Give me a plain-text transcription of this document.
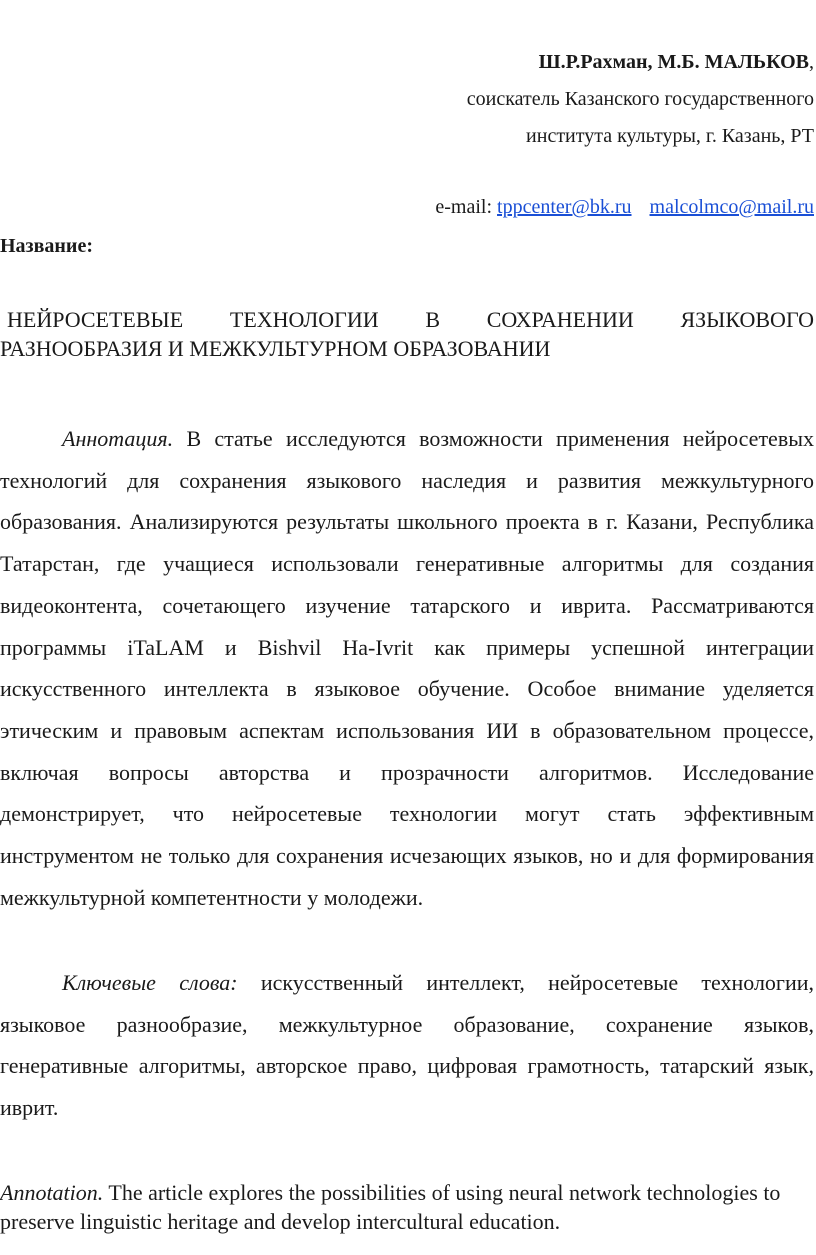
Ш.Р.Рахман, М.Б. МАЛЬКОВ,
соискатель Казанского государственного
института культуры, г. Казань, РТ
e-mail: tppcenter@bk.ru malcolmco@mail.ru
Название:
НЕЙРОСЕТЕВЫЕ ТЕХНОЛОГИИ В СОХРАНЕНИИ ЯЗЫКОВОГО
РАЗНООБРАЗИЯ И МЕЖКУЛЬТУРНОМ ОБРАЗОВАНИИ

Аннотация. В статье исследуются возможности применения нейросетевых технологий для сохранения языкового наследия и развития межкультурного образования. Анализируются результаты школьного проекта в г. Казани, Республика Татарстан, где учащиеся использовали генеративные алгоритмы для создания видеоконтента, сочетающего изучение татарского и иврита. Рассматриваются программы iTaLAM и Bishvil Ha-Ivrit как примеры успешной интеграции искусственного интеллекта в языковое обучение. Особое внимание уделяется этическим и правовым аспектам использования ИИ в образовательном процессе, включая вопросы авторства и прозрачности алгоритмов. Исследование демонстрирует, что нейросетевые технологии могут стать эффективным инструментом не только для сохранения исчезающих языков, но и для формирования межкультурной компетентности у молодежи.

Ключевые слова: искусственный интеллект, нейросетевые технологии, языковое разнообразие, межкультурное образование, сохранение языков, генеративные алгоритмы, авторское право, цифровая грамотность, татарский язык, иврит.

Annotation. The article explores the possibilities of using neural network technologies to preserve linguistic heritage and develop intercultural education.
